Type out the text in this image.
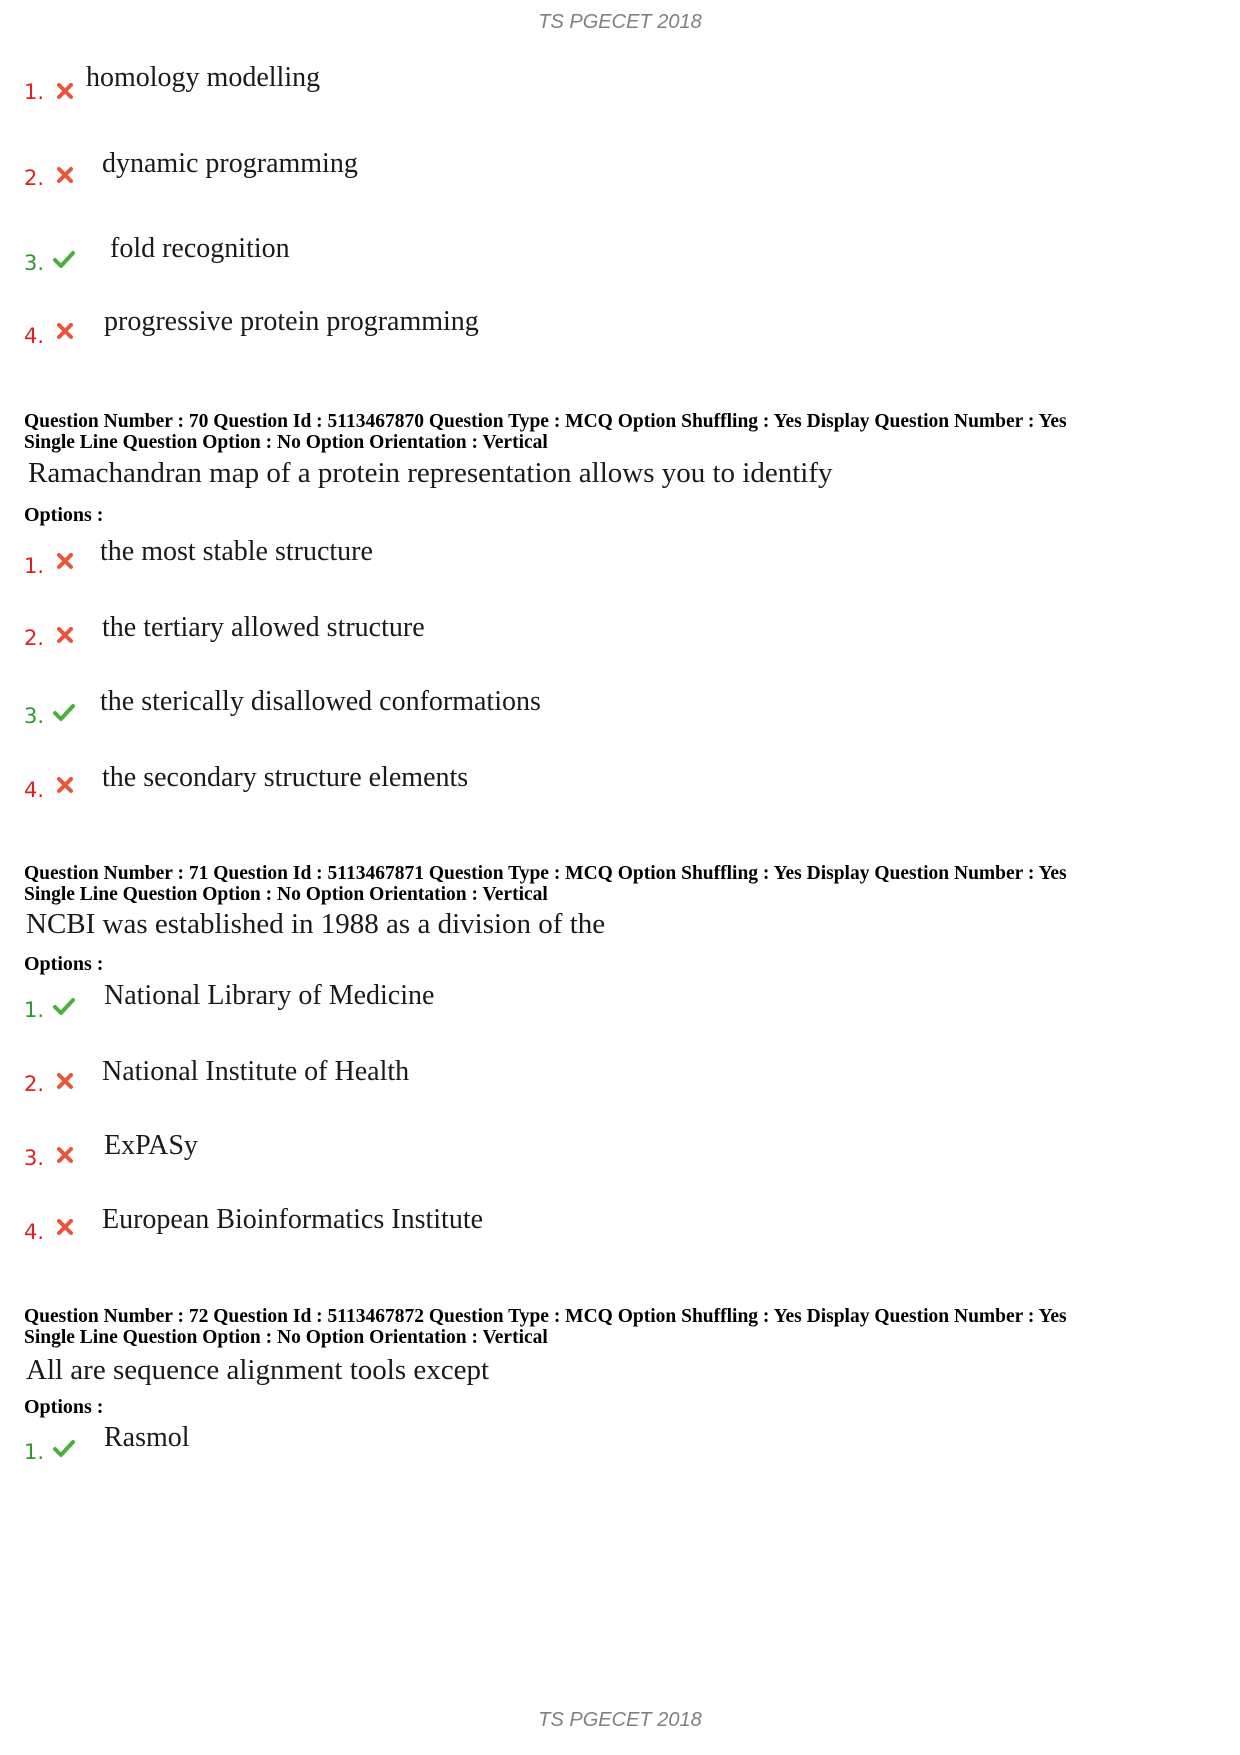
TS PGECET 2018
1. homology modelling
2. dynamic programming
3. fold recognition
4. progressive protein programming
Question Number : 70 Question Id : 5113467870 Question Type : MCQ Option Shuffling : Yes Display Question Number : Yes
Single Line Question Option : No Option Orientation : Vertical
Ramachandran map of a protein representation allows you to identify
Options :
1. the most stable structure
2. the tertiary allowed structure
3. the sterically disallowed conformations
4. the secondary structure elements
Question Number : 71 Question Id : 5113467871 Question Type : MCQ Option Shuffling : Yes Display Question Number : Yes
Single Line Question Option : No Option Orientation : Vertical
NCBI was established in 1988 as a division of the
Options :
1. National Library of Medicine
2. National Institute of Health
3. ExPASy
4. European Bioinformatics Institute
Question Number : 72 Question Id : 5113467872 Question Type : MCQ Option Shuffling : Yes Display Question Number : Yes
Single Line Question Option : No Option Orientation : Vertical
All are sequence alignment tools except
Options :
1. Rasmol
TS PGECET 2018
